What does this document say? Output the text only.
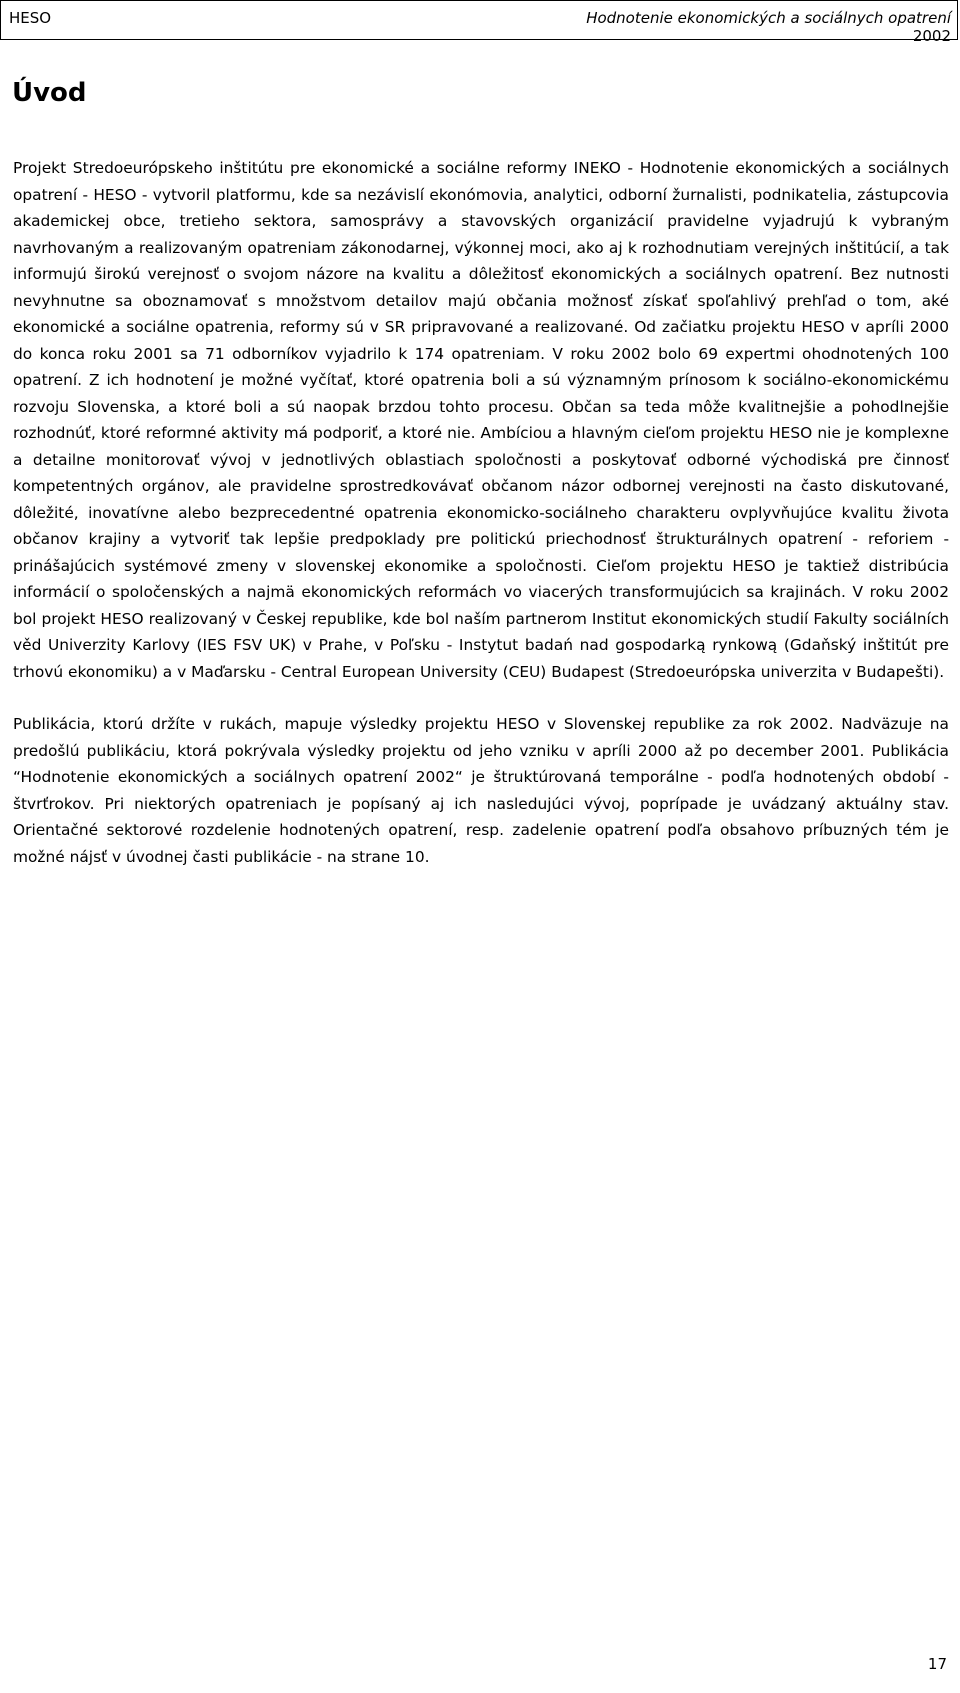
HESO	Hodnotenie ekonomických a sociálnych opatrení
2002
Úvod

Projekt Stredoeurópskeho inštitútu pre ekonomické a sociálne reformy INEKO - Hodnotenie ekonomických a sociálnych opatrení - HESO - vytvoril platformu, kde sa nezávislí ekonómovia, analytici, odborní žurnalisti, podnikatelia, zástupcovia akademickej obce, tretieho sektora, samosprávy a stavovských organizácií pravidelne vyjadrujú k vybraným navrhovaným a realizovaným opatreniam zákonodarnej, výkonnej moci, ako aj k rozhodnutiam verejných inštitúcií, a tak informujú širokú verejnosť o svojom názore na kvalitu a dôležitosť ekonomických a sociálnych opatrení. Bez nutnosti nevyhnutne sa oboznamovať s množstvom detailov majú občania možnosť získať spoľahlivý prehľad o tom, aké ekonomické a sociálne opatrenia, reformy sú v SR pripravované a realizované. Od začiatku projektu HESO v apríli 2000 do konca roku 2001 sa 71 odborníkov vyjadrilo k 174 opatreniam. V roku 2002 bolo 69 expertmi ohodnotených 100 opatrení. Z ich hodnotení je možné vyčítať, ktoré opatrenia boli a sú významným prínosom k sociálno-ekonomickému rozvoju Slovenska, a ktoré boli a sú naopak brzdou tohto procesu. Občan sa teda môže kvalitnejšie a pohodlnejšie rozhodnúť, ktoré reformné aktivity má podporiť, a ktoré nie. Ambíciou a hlavným cieľom projektu HESO nie je komplexne a detailne monitorovať vývoj v jednotlivých oblastiach spoločnosti a poskytovať odborné východiská pre činnosť kompetentných orgánov, ale pravidelne sprostredkovávať občanom názor odbornej verejnosti na často diskutované, dôležité, inovatívne alebo bezprecedentné opatrenia ekonomicko-sociálneho charakteru ovplyvňujúce kvalitu života občanov krajiny a vytvoriť tak lepšie predpoklady pre politickú priechodnosť štrukturálnych opatrení - reforiem - prinášajúcich systémové zmeny v slovenskej ekonomike a spoločnosti. Cieľom projektu HESO je taktiež distribúcia informácií o spoločenských a najmä ekonomických reformách vo viacerých transformujúcich sa krajinách. V roku 2002 bol projekt HESO realizovaný v Českej republike, kde bol naším partnerom Institut ekonomických studií Fakulty sociálních věd Univerzity Karlovy (IES FSV UK) v Prahe, v Poľsku - Instytut badań nad gospodarką rynkową (Gdaňský inštitút pre trhovú ekonomiku) a v Maďarsku - Central European University (CEU) Budapest (Stredoeurópska univerzita v Budapešti).

Publikácia, ktorú držíte v rukách, mapuje výsledky projektu HESO v Slovenskej republike za rok 2002. Nadväzuje na predošlú publikáciu, ktorá pokrývala výsledky projektu od jeho vzniku v apríli 2000 až po december 2001. Publikácia “Hodnotenie ekonomických a sociálnych opatrení 2002“ je štruktúrovaná temporálne - podľa hodnotených období - štvrťrokov. Pri niektorých opatreniach je popísaný aj ich nasledujúci vývoj, poprípade je uvádzaný aktuálny stav. Orientačné sektorové rozdelenie hodnotených opatrení, resp. zadelenie opatrení podľa obsahovo príbuzných tém je možné nájsť v úvodnej časti publikácie - na strane 10.

17
